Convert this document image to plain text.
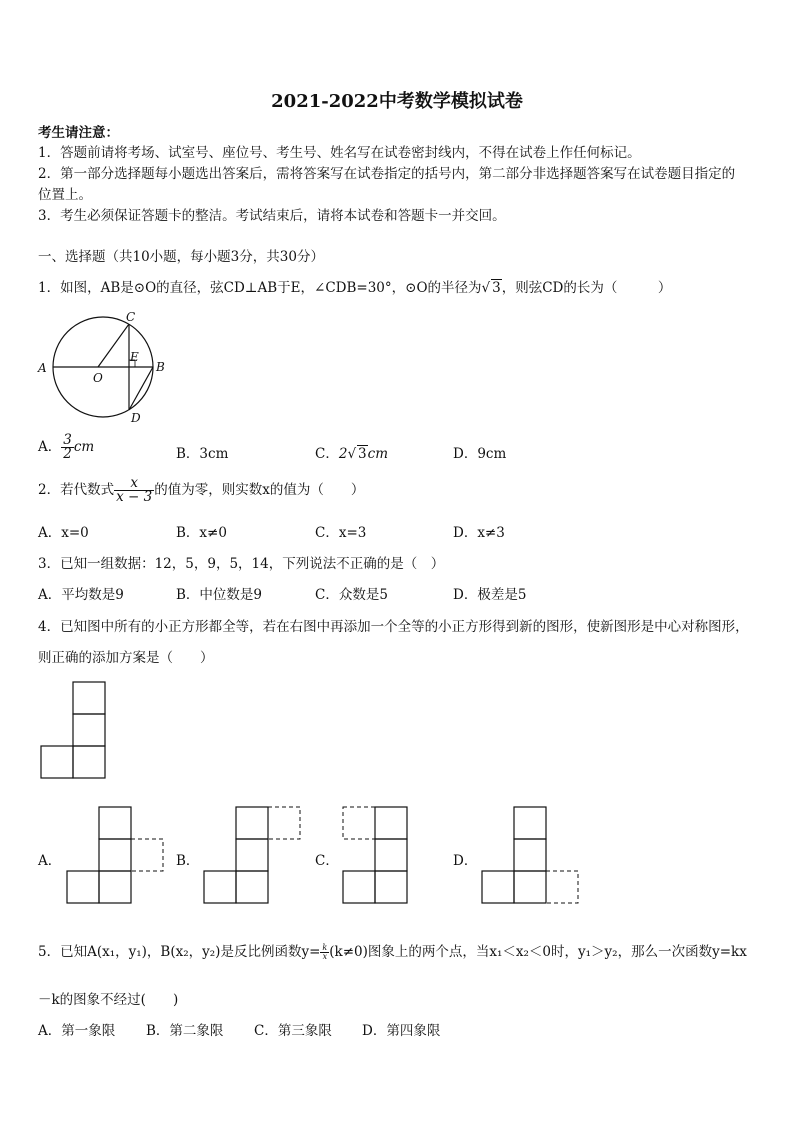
2021-2022中考数学模拟试卷
考生请注意：
1．答题前请将考场、试室号、座位号、考生号、姓名写在试卷密封线内，不得在试卷上作任何标记。
2．第一部分选择题每小题选出答案后，需将答案写在试卷指定的括号内，第二部分非选择题答案写在试卷题目指定的
位置上。
3．考生必须保证答题卡的整洁。考试结束后，请将本试卷和答题卡一并交回。
一、选择题（共10小题，每小题3分，共30分）
1．如图，AB是⊙O的直径，弦CD⊥AB于E，∠CDB=30°，⊙O的半径为√ 3，则弦CD的长为（　　　）
A	B
C
D
E
O
A． $\frac{3}{2}$ cm	B．3cm	C．2√ 3cm	D．9cm
2．若代数式 $\frac{x}{x - 3}$ 的值为零，则实数x的值为（　　）
A．x=0	B．x≠0	C．x=3	D．x≠3
3．已知一组数据：12，5，9，5，14，下列说法不正确的是（　）
A．平均数是9	B．中位数是9	C．众数是5	D．极差是5
4．已知图中所有的小正方形都全等，若在右图中再添加一个全等的小正方形得到新的图形，使新图形是中心对称图形，
则正确的添加方案是（　　）
A．	B．	C．	D．
5．已知A(x₁，y₁)，B(x₂，y₂)是反比例函数$y= \frac{k}{x} (k\ne 0)$图象上的两个点，当x₁＜x₂＜0时，y₁＞y₂，那么一次函数y=kx
－k的图象不经过(　　)
A．第一象限 B．第二象限 C．第三象限 D．第四象限
